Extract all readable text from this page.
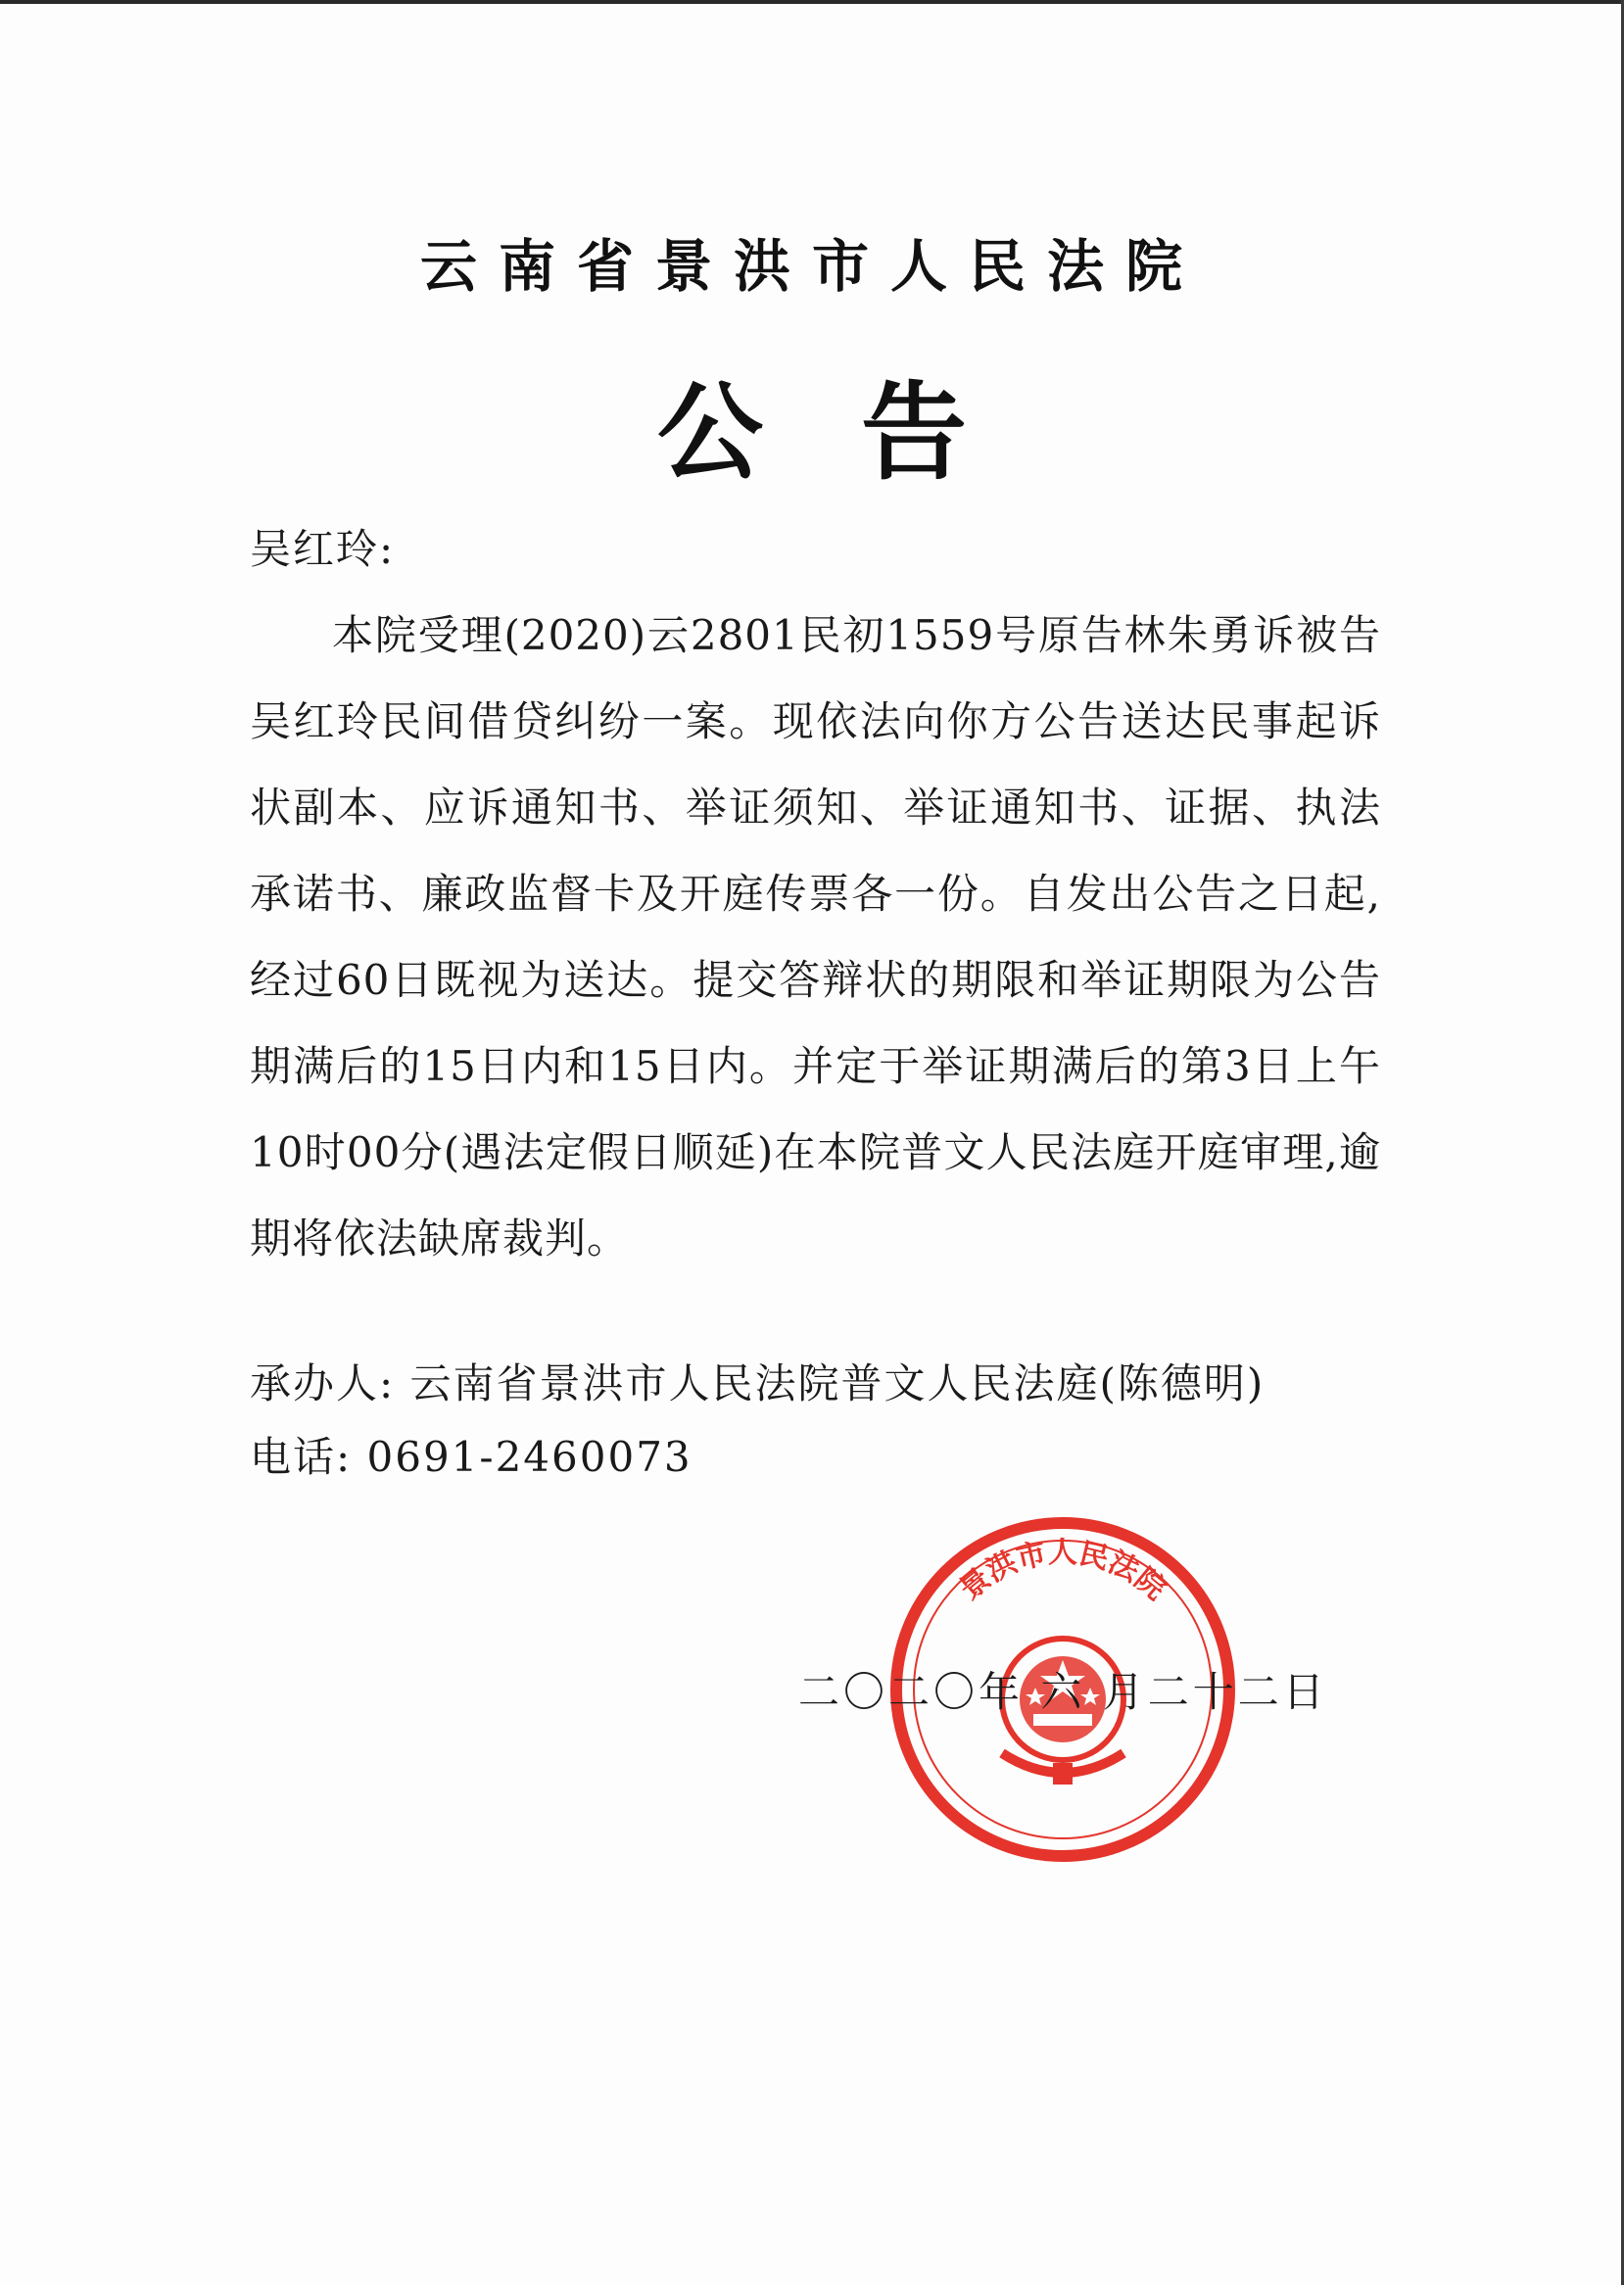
云南省景洪市人民法院
公告
吴红玲:
本院受理(2020)云2801民初1559号原告林朱勇诉被告吴红玲民间借贷纠纷一案。现依法向你方公告送达民事起诉状副本、应诉通知书、举证须知、举证通知书、证据、执法承诺书、廉政监督卡及开庭传票各一份。自发出公告之日起,经过60日既视为送达。提交答辩状的期限和举证期限为公告期满后的15日内和15日内。并定于举证期满后的第3日上午10时00分(遇法定假日顺延)在本院普文人民法庭开庭审理,逾期将依法缺席裁判。
承办人: 云南省景洪市人民法院普文人民法庭(陈德明)
电话: 0691-2460073
景洪市人民法院
二〇二〇年 六 月二十二日
